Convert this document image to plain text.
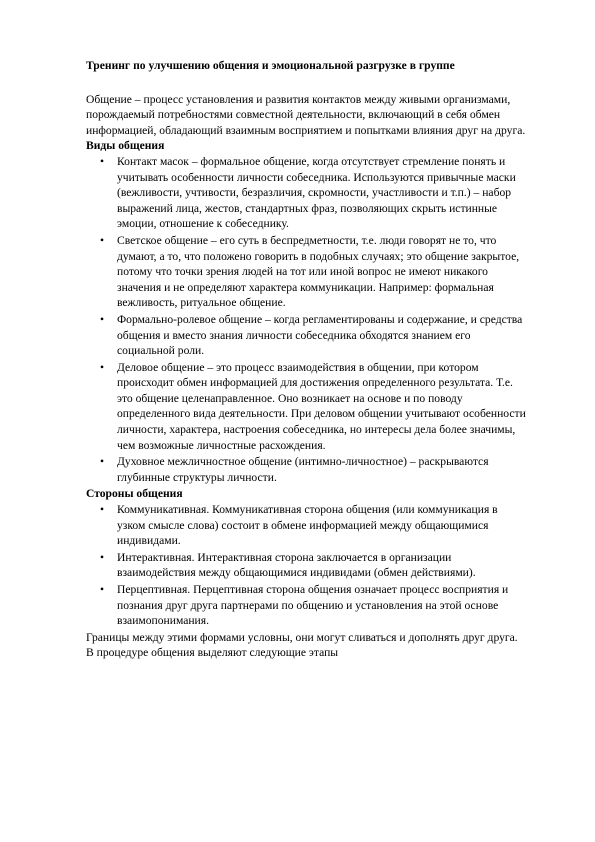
Тренинг по улучшению общения и эмоциональной разгрузке в группе

Общение – процесс установления и развития контактов между живыми организмами, порождаемый потребностями совместной деятельности, включающий в себя обмен информацией, обладающий взаимным восприятием и попытками влияния друг на друга.

Виды общения

• Контакт масок – формальное общение, когда отсутствует стремление понять и учитывать особенности личности собеседника. Используются привычные маски (вежливости, учтивости, безразличия, скромности, участливости и т.п.) – набор выражений лица, жестов, стандартных фраз, позволяющих скрыть истинные эмоции, отношение к собеседнику.
• Светское общение – его суть в беспредметности, т.е. люди говорят не то, что думают, а то, что положено говорить в подобных случаях; это общение закрытое, потому что точки зрения людей на тот или иной вопрос не имеют никакого значения и не определяют характера коммуникации. Например: формальная вежливость, ритуальное общение.
• Формально-ролевое общение – когда регламентированы и содержание, и средства общения и вместо знания личности собеседника обходятся знанием его социальной роли.
• Деловое общение – это процесс взаимодействия в общении, при котором происходит обмен информацией для достижения определенного результата. Т.е. это общение целенаправленное. Оно возникает на основе и по поводу определенного вида деятельности. При деловом общении учитывают особенности личности, характера, настроения собеседника, но интересы дела более значимы, чем возможные личностные расхождения.
• Духовное межличностное общение (интимно-личностное) – раскрываются глубинные структуры личности.

Стороны общения

• Коммуникативная. Коммуникативная сторона общения (или коммуникация в узком смысле слова) состоит в обмене информацией между общающимися индивидами.
• Интерактивная. Интерактивная сторона заключается в организации взаимодействия между общающимися индивидами (обмен действиями).
• Перцептивная. Перцептивная сторона общения означает процесс восприятия и познания друг друга партнерами по общению и установления на этой основе взаимопонимания.

Границы между этими формами условны, они могут сливаться и дополнять друг друга.

В процедуре общения выделяют следующие этапы
